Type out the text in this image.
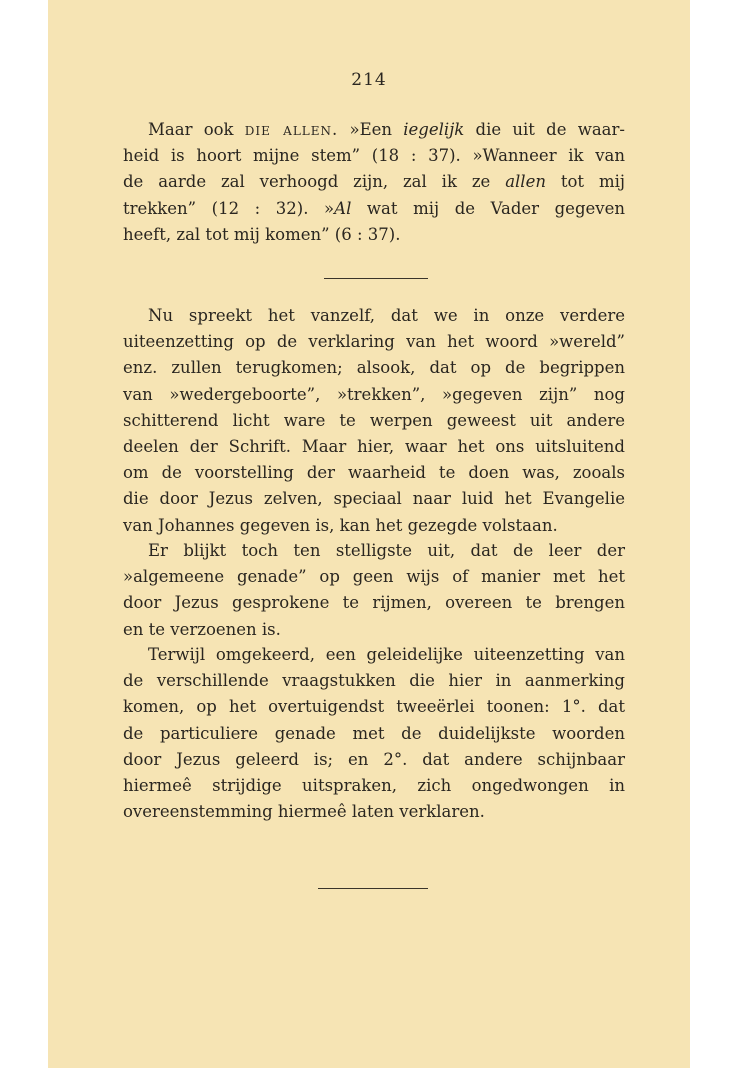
214
Maar ook die allen. »Een iegelijk die uit de waar-
heid is hoort mijne stem” (18 : 37). »Wanneer ik van
de aarde zal verhoogd zijn, zal ik ze allen tot mij
trekken” (12 : 32). »Al wat mij de Vader gegeven
heeft, zal tot mij komen” (6 : 37).
Nu spreekt het vanzelf, dat we in onze verdere
uiteenzetting op de verklaring van het woord »wereld”
enz. zullen terugkomen; alsook, dat op de begrippen
van »wedergeboorte”, »trekken”, »gegeven zijn” nog
schitterend licht ware te werpen geweest uit andere
deelen der Schrift. Maar hier, waar het ons uitsluitend
om de voorstelling der waarheid te doen was, zooals
die door Jezus zelven, speciaal naar luid het Evangelie
van Johannes gegeven is, kan het gezegde volstaan.
Er blijkt toch ten stelligste uit, dat de leer der
»algemeene genade” op geen wijs of manier met het
door Jezus gesprokene te rijmen, overeen te brengen
en te verzoenen is.
Terwijl omgekeerd, een geleidelijke uiteenzetting van
de verschillende vraagstukken die hier in aanmerking
komen, op het overtuigendst tweeërlei toonen: 1°. dat
de particuliere genade met de duidelijkste woorden
door Jezus geleerd is; en 2°. dat andere schijnbaar
hiermeê strijdige uitspraken, zich ongedwongen in
overeenstemming hiermeê laten verklaren.
